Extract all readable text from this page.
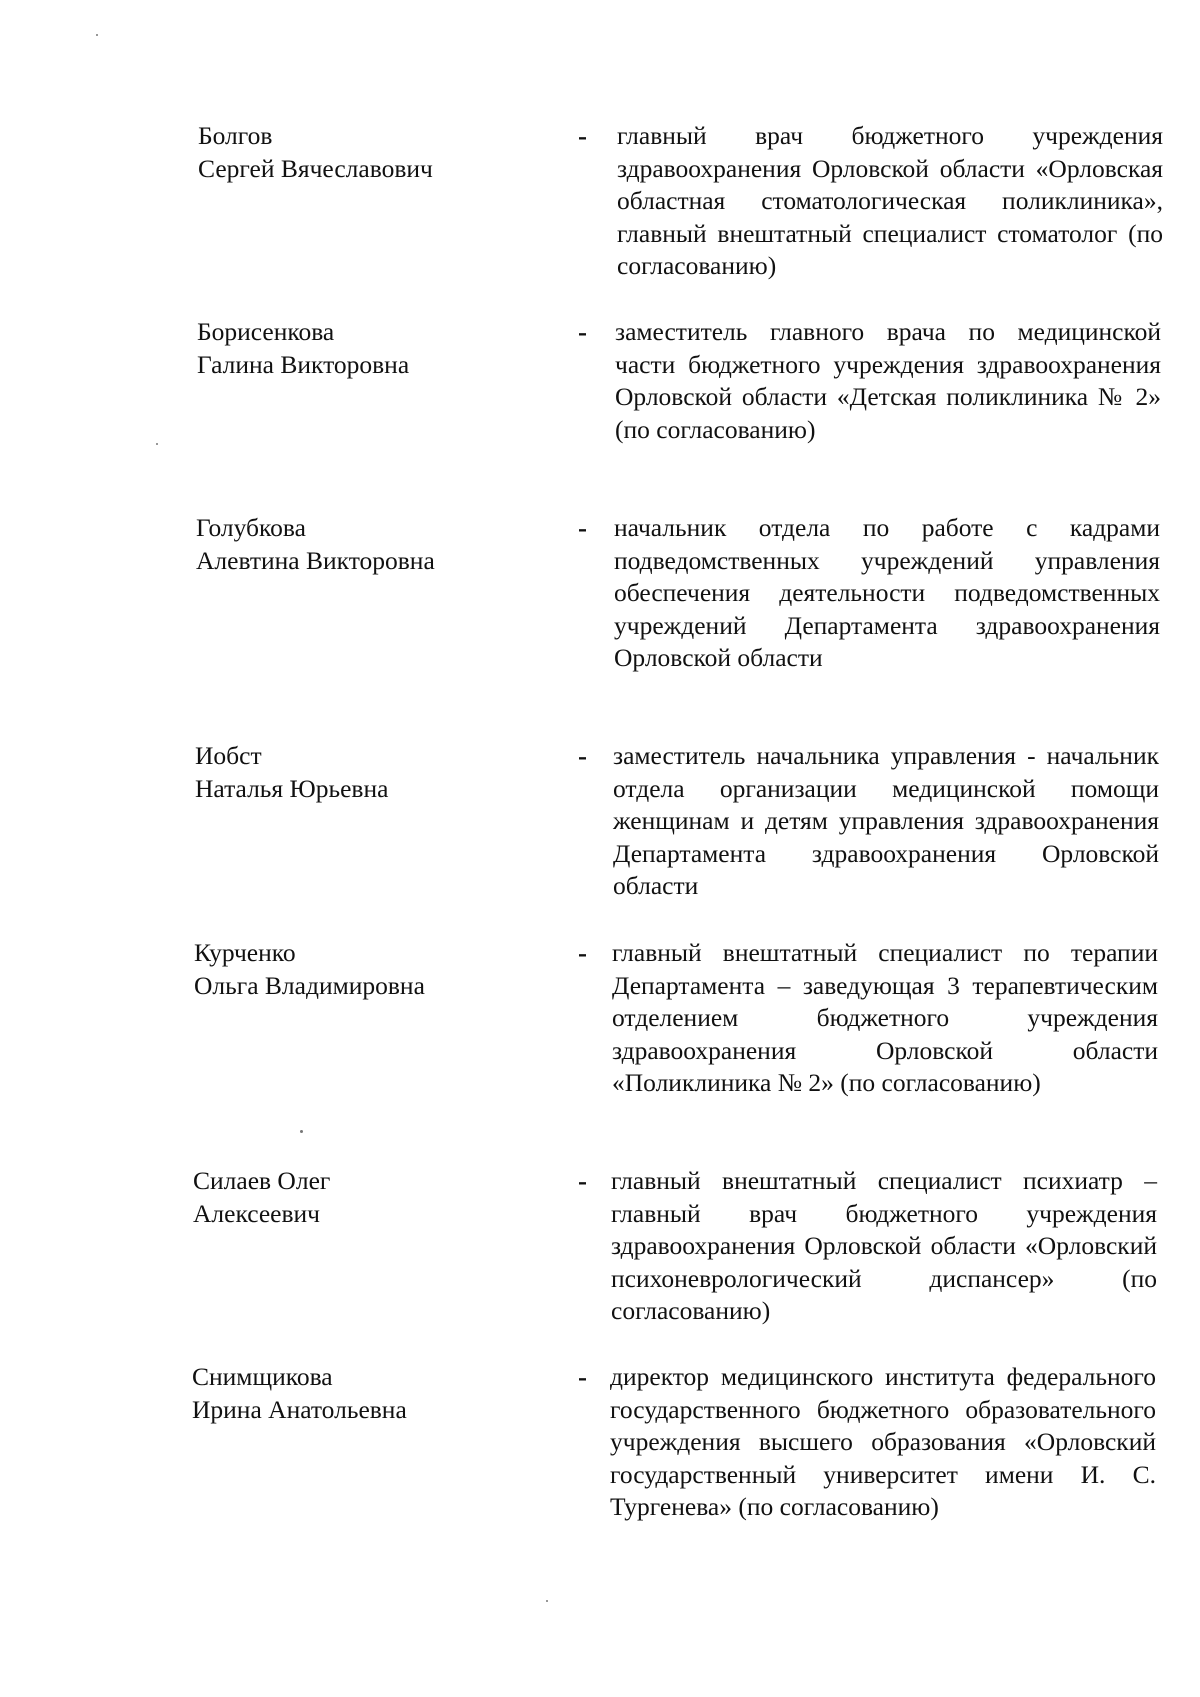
Болгов
Сергей Вячеславович
- главный врач бюджетного учреждения здравоохранения Орловской области «Орловская областная стоматологическая поликлиника», главный внештатный специалист стоматолог (по согласованию)
Борисенкова
Галина Викторовна
- заместитель главного врача по медицинской части бюджетного учреждения здравоохранения Орловской области «Детская поликлиника № 2» (по согласованию)
Голубкова
Алевтина Викторовна
- начальник отдела по работе с кадрами подведомственных учреждений управления обеспечения деятельности подведомственных учреждений Департамента здравоохранения Орловской области
Иобст
Наталья Юрьевна
- заместитель начальника управления - начальник отдела организации медицинской помощи женщинам и детям управления здравоохранения Департамента здравоохранения Орловской области
Курченко
Ольга Владимировна
- главный внештатный специалист по терапии Департамента – заведующая 3 терапевтическим отделением бюджетного учреждения здравоохранения Орловской области «Поликлиника № 2» (по согласованию)
Силаев Олег
Алексеевич
- главный внештатный специалист психиатр – главный врач бюджетного учреждения здравоохранения Орловской области «Орловский психоневрологический диспансер» (по согласованию)
Снимщикова
Ирина Анатольевна
- директор медицинского института федерального государственного бюджетного образовательного учреждения высшего образования «Орловский государственный университет имени И. С. Тургенева» (по согласованию)
